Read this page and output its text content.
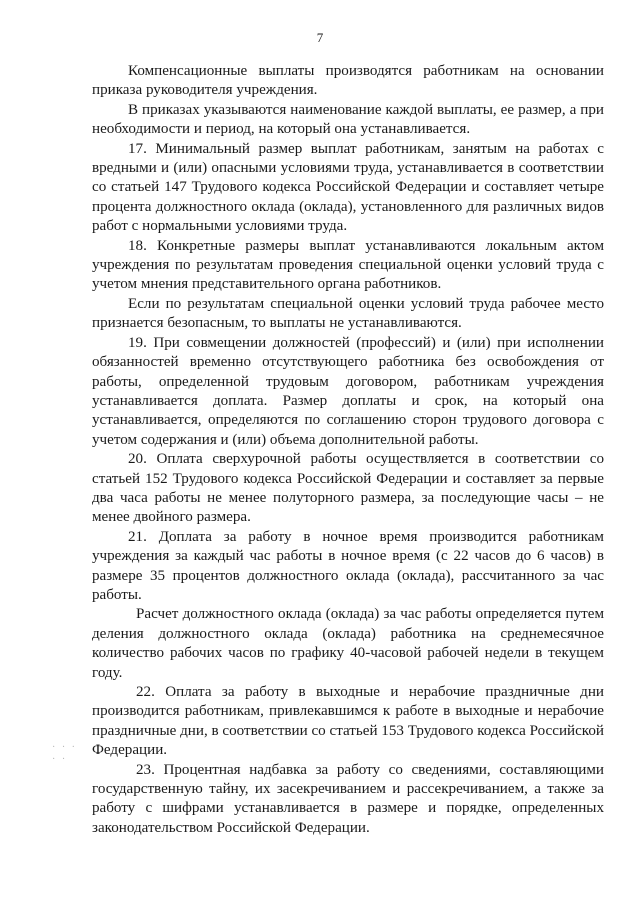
7
· · ·
· ·

Компенсационные выплаты производятся работникам на основании приказа руководителя учреждения.

В приказах указываются наименование каждой выплаты, ее размер, а при необходимости и период, на который она устанавливается.

17. Минимальный размер выплат работникам, занятым на работах с вредными и (или) опасными условиями труда, устанавливается в соответствии со статьей 147 Трудового кодекса Российской Федерации и составляет четыре процента должностного оклада (оклада), установленного для различных видов работ с нормальными условиями труда.

18. Конкретные размеры выплат устанавливаются локальным актом учреждения по результатам проведения специальной оценки условий труда с учетом мнения представительного органа работников.

Если по результатам специальной оценки условий труда рабочее место признается безопасным, то выплаты не устанавливаются.

19. При совмещении должностей (профессий) и (или) при исполнении обязанностей временно отсутствующего работника без освобождения от работы, определенной трудовым договором, работникам учреждения устанавливается доплата. Размер доплаты и срок, на который она устанавливается, определяются по соглашению сторон трудового договора с учетом содержания и (или) объема дополнительной работы.

20. Оплата сверхурочной работы осуществляется в соответствии со статьей 152 Трудового кодекса Российской Федерации и составляет за первые два часа работы не менее полуторного размера, за последующие часы – не менее двойного размера.

21. Доплата за работу в ночное время производится работникам учреждения за каждый час работы в ночное время (с 22 часов до 6 часов) в размере 35 процентов должностного оклада (оклада), рассчитанного за час работы.

Расчет должностного оклада (оклада) за час работы определяется путем деления должностного оклада (оклада) работника на среднемесячное количество рабочих часов по графику 40-часовой рабочей недели в текущем году.

22. Оплата за работу в выходные и нерабочие праздничные дни производится работникам, привлекавшимся к работе в выходные и нерабочие праздничные дни, в соответствии со статьей 153 Трудового кодекса Российской Федерации.

23. Процентная надбавка за работу со сведениями, составляющими государственную тайну, их засекречиванием и рассекречиванием, а также за работу с шифрами устанавливается в размере и порядке, определенных законодательством Российской Федерации.
